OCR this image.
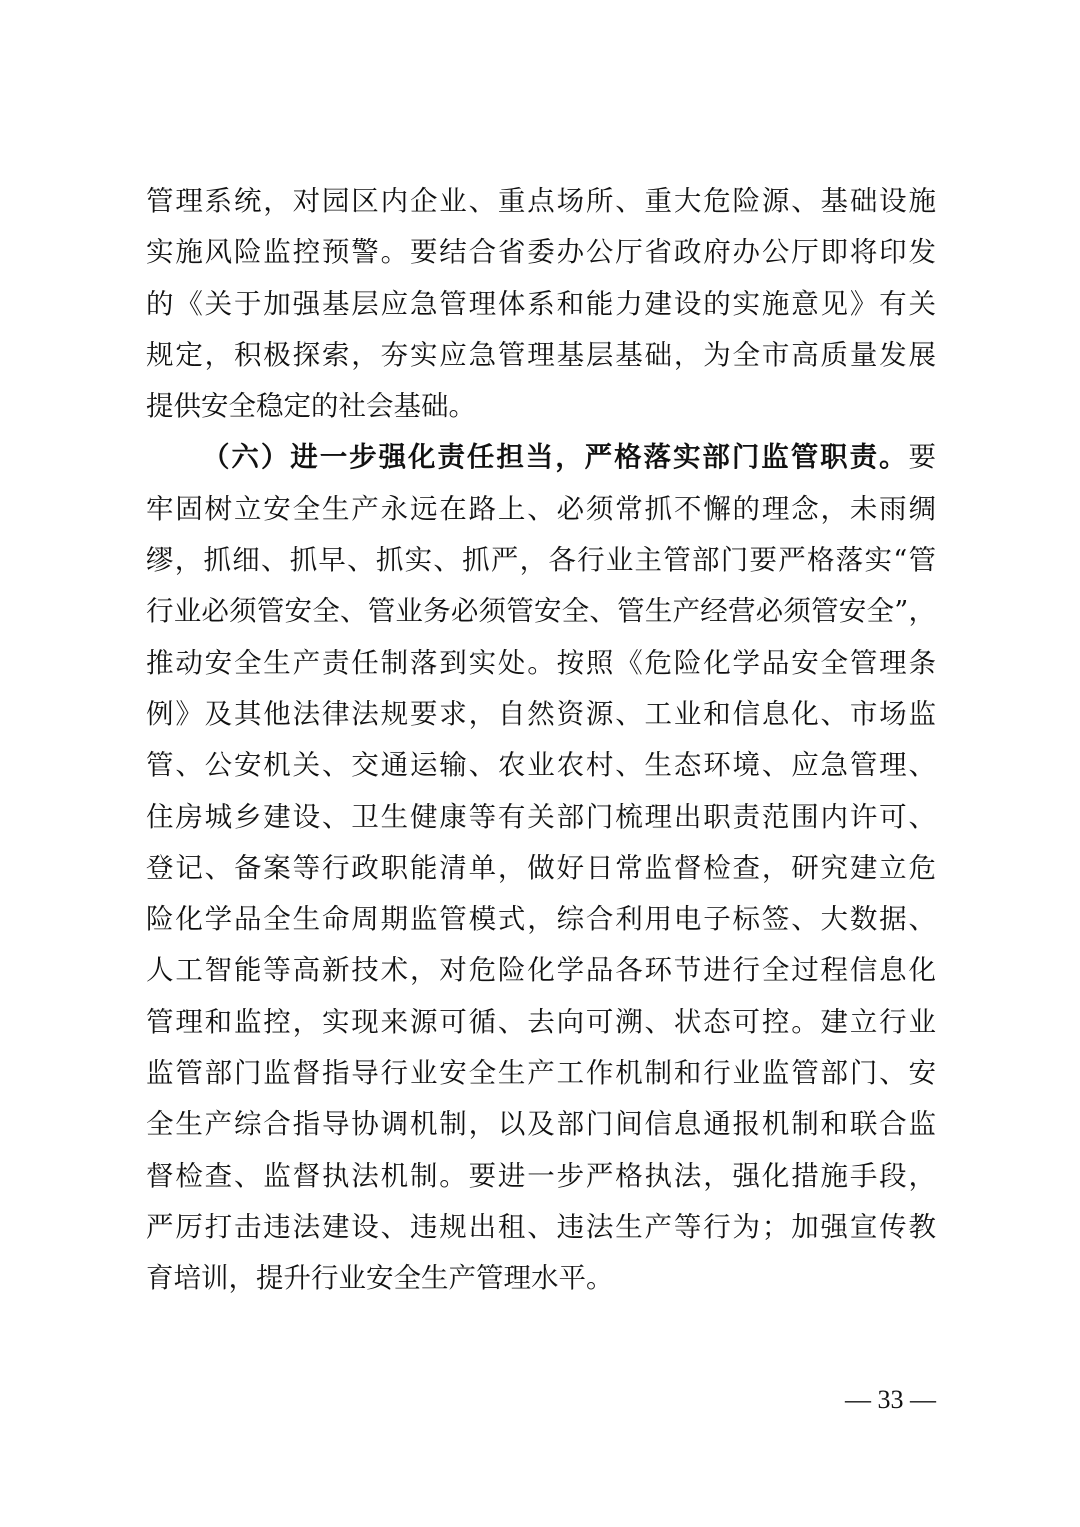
管理系统，对园区内企业、重点场所、重大危险源、基础设施
实施风险监控预警。要结合省委办公厅省政府办公厅即将印发
的《关于加强基层应急管理体系和能力建设的实施意见》有关
规定，积极探索，夯实应急管理基层基础，为全市高质量发展
提供安全稳定的社会基础。
（六）进一步强化责任担当，严格落实部门监管职责。要
牢固树立安全生产永远在路上、必须常抓不懈的理念，未雨绸
缪，抓细、抓早、抓实、抓严，各行业主管部门要严格落实“管
行业必须管安全、管业务必须管安全、管生产经营必须管安全”，
推动安全生产责任制落到实处。按照《危险化学品安全管理条
例》及其他法律法规要求，自然资源、工业和信息化、市场监
管、公安机关、交通运输、农业农村、生态环境、应急管理、
住房城乡建设、卫生健康等有关部门梳理出职责范围内许可、
登记、备案等行政职能清单，做好日常监督检查，研究建立危
险化学品全生命周期监管模式，综合利用电子标签、大数据、
人工智能等高新技术，对危险化学品各环节进行全过程信息化
管理和监控，实现来源可循、去向可溯、状态可控。建立行业
监管部门监督指导行业安全生产工作机制和行业监管部门、安
全生产综合指导协调机制，以及部门间信息通报机制和联合监
督检查、监督执法机制。要进一步严格执法，强化措施手段，
严厉打击违法建设、违规出租、违法生产等行为；加强宣传教
育培训，提升行业安全生产管理水平。
— 33 —
